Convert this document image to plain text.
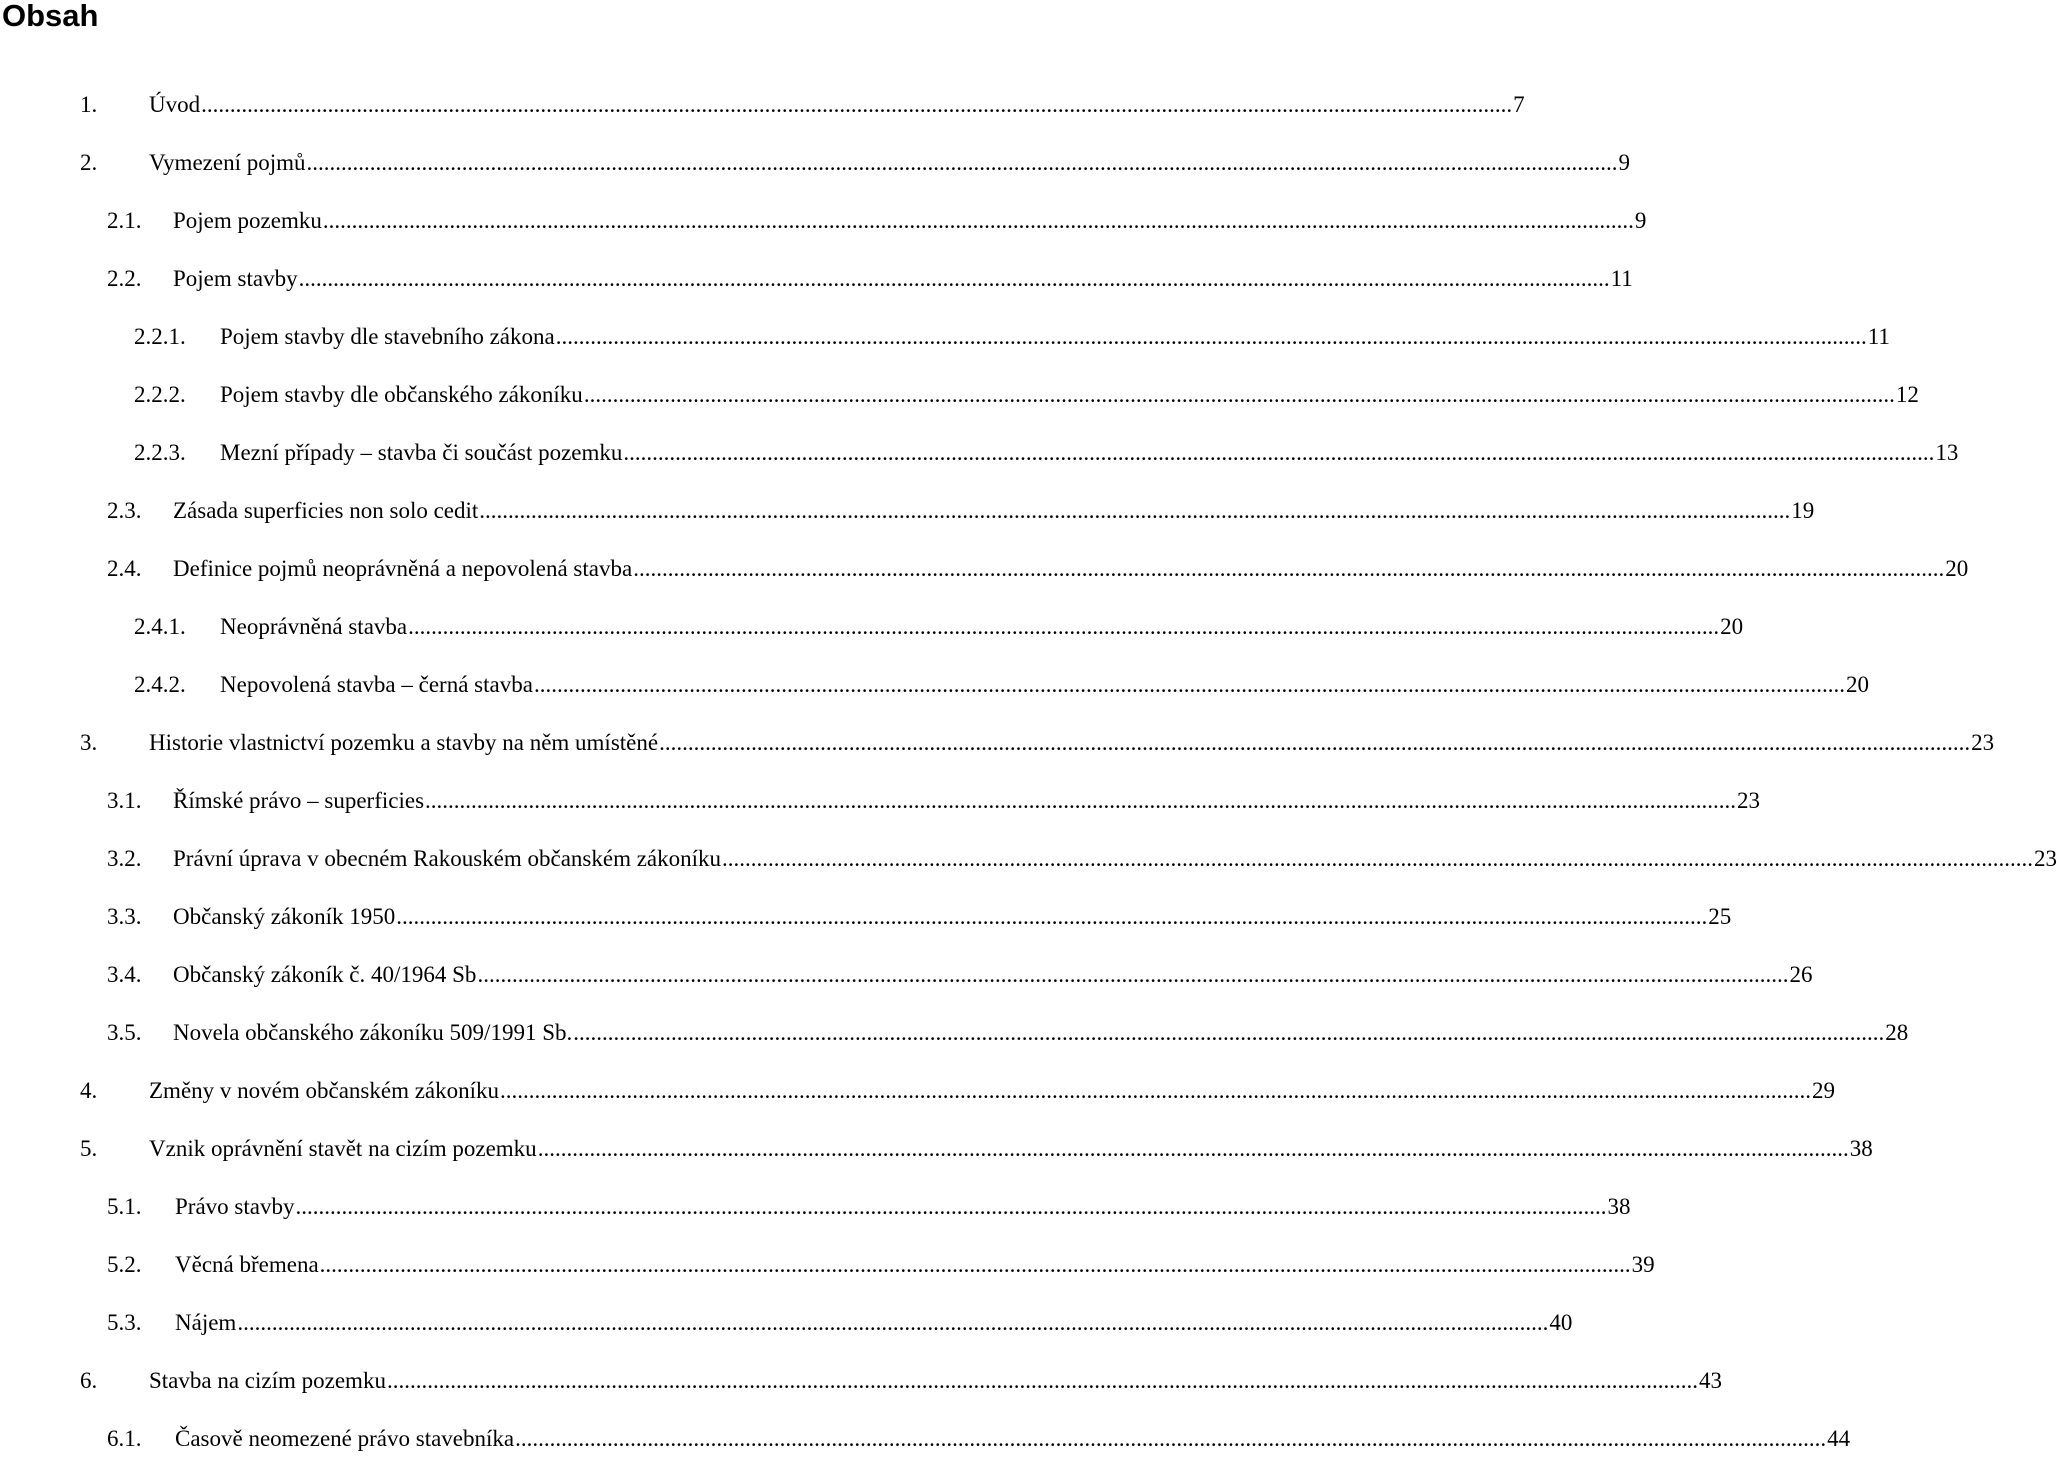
Obsah
1.	Úvod .................................................................................................................................................................................................................................... 7
2.	Vymezení pojmů .................................................................................................................................................................................................................................... 9
2.1.	Pojem pozemku .................................................................................................................................................................................................................................... 9
2.2.	Pojem stavby .................................................................................................................................................................................................................................... 11
2.2.1.	Pojem stavby dle stavebního zákona .................................................................................................................................................................................................................................... 11
2.2.2.	Pojem stavby dle občanského zákoníku .................................................................................................................................................................................................................................... 12
2.2.3.	Mezní případy – stavba či součást pozemku .................................................................................................................................................................................................................................... 13
2.3.	Zásada superficies non solo cedit .................................................................................................................................................................................................................................... 19
2.4.	Definice pojmů neoprávněná a nepovolená stavba .................................................................................................................................................................................................................................... 20
2.4.1.	Neoprávněná stavba .................................................................................................................................................................................................................................... 20
2.4.2.	Nepovolená stavba – černá stavba .................................................................................................................................................................................................................................... 20
3.	Historie vlastnictví pozemku a stavby na něm umístěné .................................................................................................................................................................................................................................... 23
3.1.	Římské právo – superficies .................................................................................................................................................................................................................................... 23
3.2.	Právní úprava v obecném Rakouském občanském zákoníku .................................................................................................................................................................................................................................... 23
3.3.	Občanský zákoník 1950 .................................................................................................................................................................................................................................... 25
3.4.	Občanský zákoník č. 40/1964 Sb .................................................................................................................................................................................................................................... 26
3.5.	Novela občanského zákoníku 509/1991 Sb. .................................................................................................................................................................................................................................... 28
4.	Změny v novém občanském zákoníku .................................................................................................................................................................................................................................... 29
5.	Vznik oprávnění stavět na cizím pozemku .................................................................................................................................................................................................................................... 38
5.1.	Právo stavby .................................................................................................................................................................................................................................... 38
5.2.	Věcná břemena .................................................................................................................................................................................................................................... 39
5.3.	Nájem .................................................................................................................................................................................................................................... 40
6.	Stavba na cizím pozemku .................................................................................................................................................................................................................................... 43
6.1.	Časově neomezené právo stavebníka .................................................................................................................................................................................................................................... 44
